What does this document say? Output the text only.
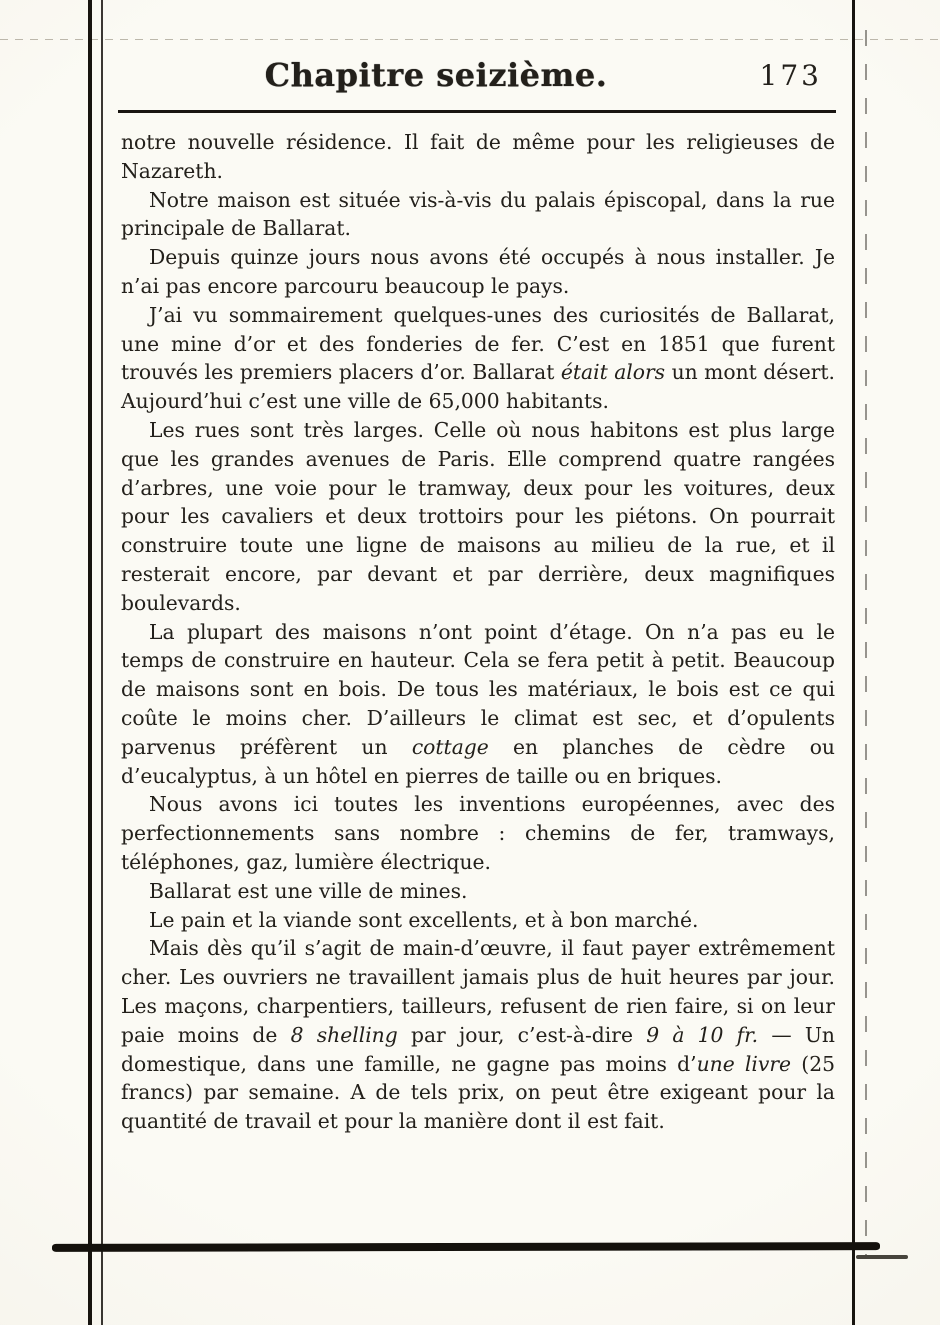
Chapitre seizième.	173

notre nouvelle résidence. Il fait de même pour les religieuses de Nazareth.

Notre maison est située vis-à-vis du palais épiscopal, dans la rue principale de Ballarat.

Depuis quinze jours nous avons été occupés à nous installer. Je n’ai pas encore parcouru beaucoup le pays.

J’ai vu sommairement quelques-unes des curiosités de Ballarat, une mine d’or et des fonderies de fer. C’est en 1851 que furent trouvés les premiers placers d’or. Ballarat était alors un mont désert. Aujourd’hui c’est une ville de 65,000 habitants.

Les rues sont très larges. Celle où nous habitons est plus large que les grandes avenues de Paris. Elle comprend quatre rangées d’arbres, une voie pour le tramway, deux pour les voitures, deux pour les cavaliers et deux trottoirs pour les piétons. On pourrait construire toute une ligne de maisons au milieu de la rue, et il resterait encore, par devant et par derrière, deux magnifiques boulevards.

La plupart des maisons n’ont point d’étage. On n’a pas eu le temps de construire en hauteur. Cela se fera petit à petit. Beaucoup de maisons sont en bois. De tous les matériaux, le bois est ce qui coûte le moins cher. D’ailleurs le climat est sec, et d’opulents parvenus préfèrent un cottage en planches de cèdre ou d’eucalyptus, à un hôtel en pierres de taille ou en briques.

Nous avons ici toutes les inventions européennes, avec des perfectionnements sans nombre : chemins de fer, tramways, téléphones, gaz, lumière électrique.

Ballarat est une ville de mines.

Le pain et la viande sont excellents, et à bon marché.

Mais dès qu’il s’agit de main-d’œuvre, il faut payer extrêmement cher. Les ouvriers ne travaillent jamais plus de huit heures par jour. Les maçons, charpentiers, tailleurs, refusent de rien faire, si on leur paie moins de 8 shelling par jour, c’est-à-dire 9 à 10 fr. — Un domestique, dans une famille, ne gagne pas moins d’une livre (25 francs) par semaine. A de tels prix, on peut être exigeant pour la quantité de travail et pour la manière dont il est fait.
